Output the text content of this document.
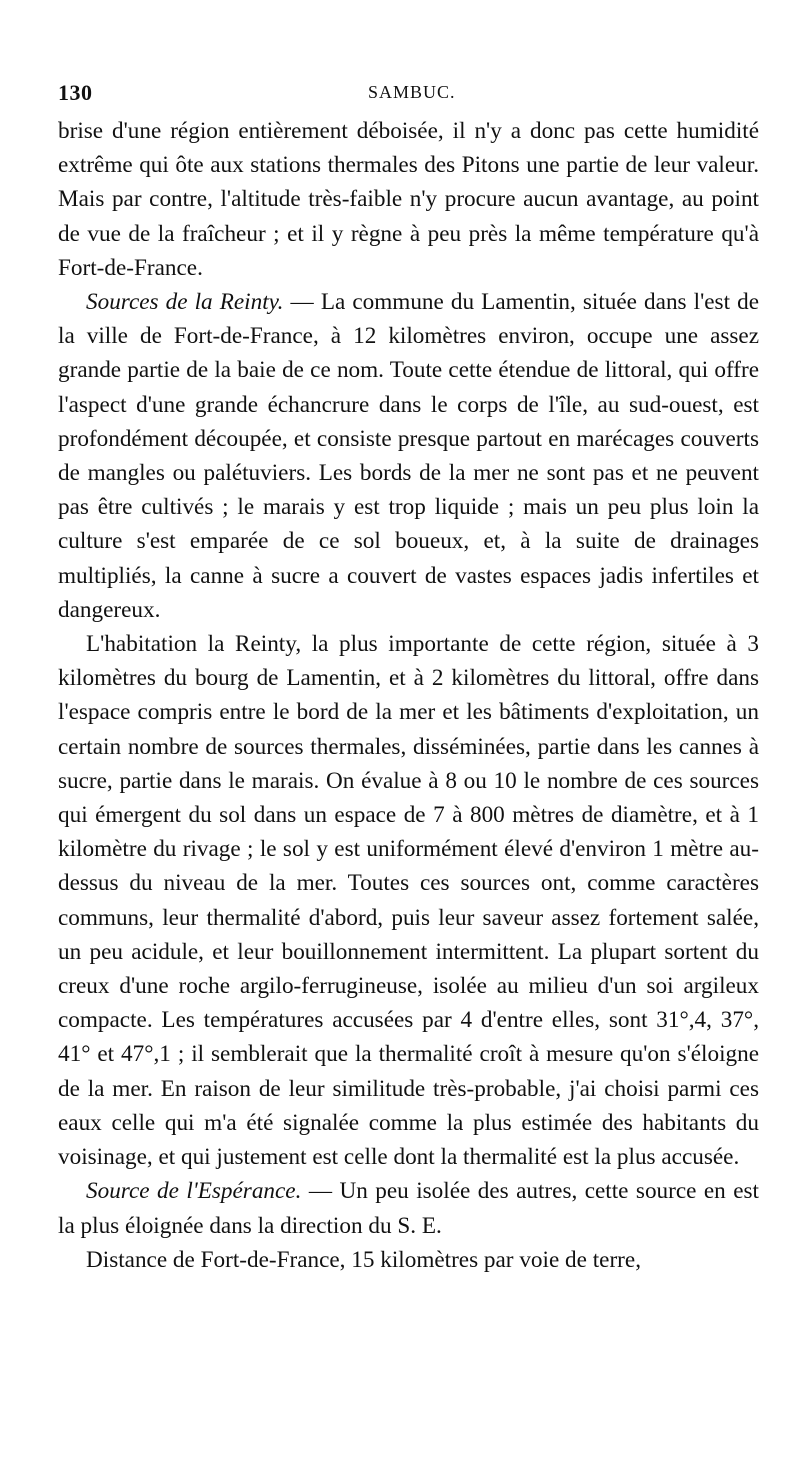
130	SAMBUC.

brise d'une région entièrement déboisée, il n'y a donc pas cette humidité extrême qui ôte aux stations thermales des Pitons une partie de leur valeur. Mais par contre, l'altitude très-faible n'y procure aucun avantage, au point de vue de la fraîcheur ; et il y règne à peu près la même température qu'à Fort-de-France.

Sources de la Reinty. — La commune du Lamentin, située dans l'est de la ville de Fort-de-France, à 12 kilomètres environ, occupe une assez grande partie de la baie de ce nom. Toute cette étendue de littoral, qui offre l'aspect d'une grande échancrure dans le corps de l'île, au sud-ouest, est profondément découpée, et consiste presque partout en marécages couverts de mangles ou palétuviers. Les bords de la mer ne sont pas et ne peuvent pas être cultivés ; le marais y est trop liquide ; mais un peu plus loin la culture s'est emparée de ce sol boueux, et, à la suite de drainages multipliés, la canne à sucre a couvert de vastes espaces jadis infertiles et dangereux.

L'habitation la Reinty, la plus importante de cette région, située à 3 kilomètres du bourg de Lamentin, et à 2 kilomètres du littoral, offre dans l'espace compris entre le bord de la mer et les bâtiments d'exploitation, un certain nombre de sources thermales, disséminées, partie dans les cannes à sucre, partie dans le marais. On évalue à 8 ou 10 le nombre de ces sources qui émergent du sol dans un espace de 7 à 800 mètres de diamètre, et à 1 kilomètre du rivage ; le sol y est uniformément élevé d'environ 1 mètre au-dessus du niveau de la mer. Toutes ces sources ont, comme caractères communs, leur thermalité d'abord, puis leur saveur assez fortement salée, un peu acidule, et leur bouillonnement intermittent. La plupart sortent du creux d'une roche argilo-ferrugineuse, isolée au milieu d'un soi argileux compacte. Les températures accusées par 4 d'entre elles, sont 31°,4, 37°, 41° et 47°,1 ; il semblerait que la thermalité croît à mesure qu'on s'éloigne de la mer. En raison de leur similitude très-probable, j'ai choisi parmi ces eaux celle qui m'a été signalée comme la plus estimée des habitants du voisinage, et qui justement est celle dont la thermalité est la plus accusée.

Source de l'Espérance. — Un peu isolée des autres, cette source en est la plus éloignée dans la direction du S. E.

Distance de Fort-de-France, 15 kilomètres par voie de terre,
